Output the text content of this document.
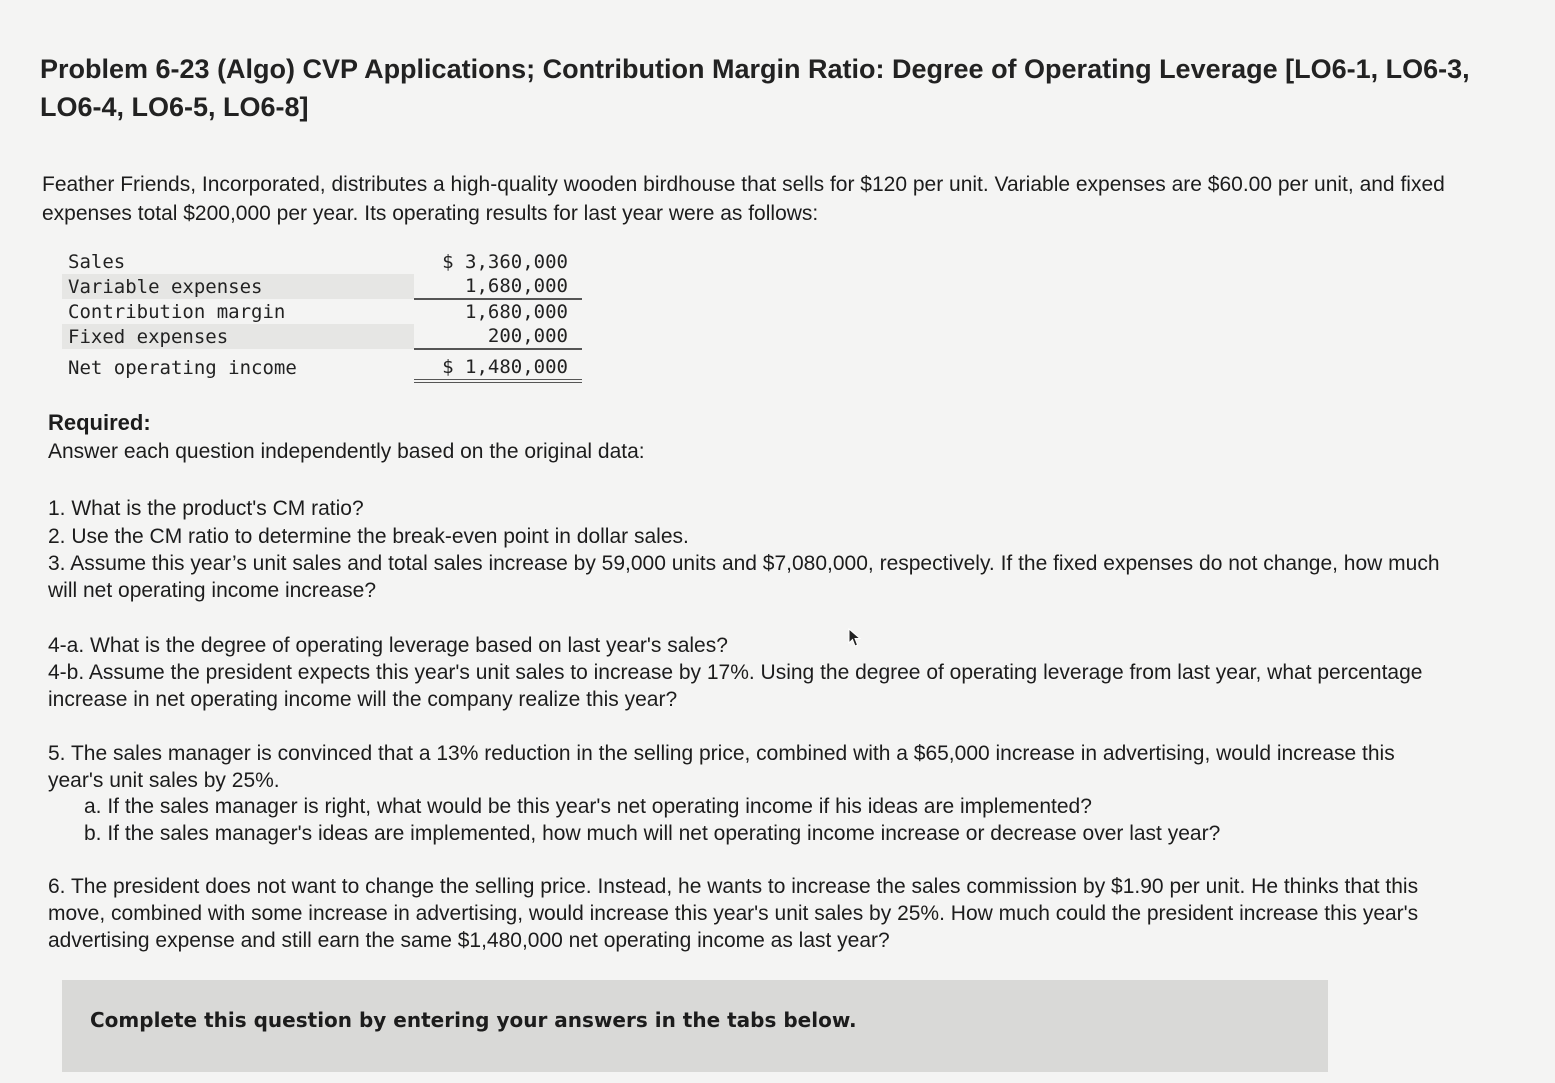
Problem 6-23 (Algo) CVP Applications; Contribution Margin Ratio: Degree of Operating Leverage [LO6-1, LO6-3, LO6-4, LO6-5, LO6-8]
Feather Friends, Incorporated, distributes a high-quality wooden birdhouse that sells for $120 per unit. Variable expenses are $60.00 per unit, and fixed expenses total $200,000 per year. Its operating results for last year were as follows:
Sales	$ 3,360,000
Variable expenses	1,680,000
Contribution margin	1,680,000
Fixed expenses	200,000
Net operating income	$ 1,480,000
Required:
Answer each question independently based on the original data:
1. What is the product's CM ratio?
2. Use the CM ratio to determine the break-even point in dollar sales.
3. Assume this year’s unit sales and total sales increase by 59,000 units and $7,080,000, respectively. If the fixed expenses do not change, how much will net operating income increase?
4-a. What is the degree of operating leverage based on last year's sales?
4-b. Assume the president expects this year's unit sales to increase by 17%. Using the degree of operating leverage from last year, what percentage increase in net operating income will the company realize this year?
5. The sales manager is convinced that a 13% reduction in the selling price, combined with a $65,000 increase in advertising, would increase this year's unit sales by 25%.
a. If the sales manager is right, what would be this year's net operating income if his ideas are implemented?
b. If the sales manager's ideas are implemented, how much will net operating income increase or decrease over last year?
6. The president does not want to change the selling price. Instead, he wants to increase the sales commission by $1.90 per unit. He thinks that this move, combined with some increase in advertising, would increase this year's unit sales by 25%. How much could the president increase this year's advertising expense and still earn the same $1,480,000 net operating income as last year?
Complete this question by entering your answers in the tabs below.
